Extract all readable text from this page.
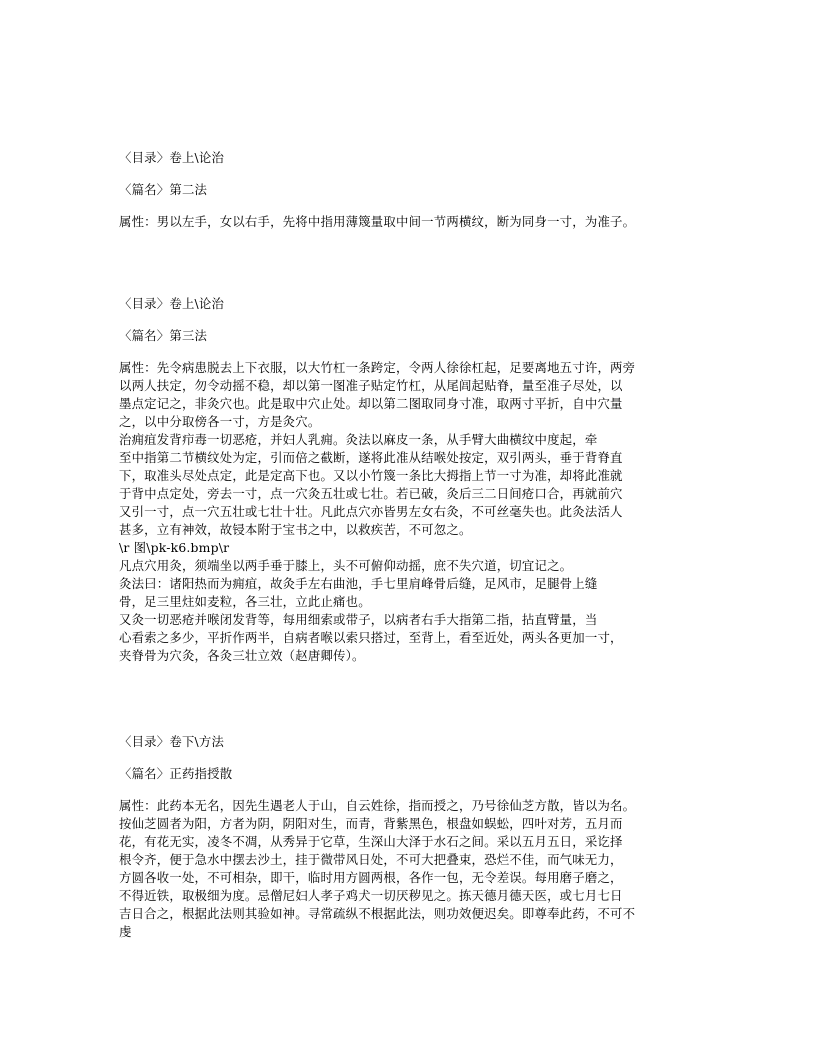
〈目录〉卷上\论治
〈篇名〉第二法
属性：男以左手，女以右手，先将中指用薄篾量取中间一节两横纹，断为同身一寸，为准子。
〈目录〉卷上\论治
〈篇名〉第三法
属性：先令病患脱去上下衣服，以大竹杠一条跨定，令两人徐徐杠起，足要离地五寸许，两旁
以两人扶定，勿令动摇不稳，却以第一图准子贴定竹杠，从尾闾起贴脊，量至准子尽处，以
墨点定记之，非灸穴也。此是取中穴止处。却以第二图取同身寸准，取两寸平折，自中穴量
之，以中分取傍各一寸，方是灸穴。
治痈疽发背疖毒一切恶疮，并妇人乳痈。灸法以麻皮一条，从手臂大曲横纹中度起，牵
至中指第二节横纹处为定，引而倍之截断，遂将此准从结喉处按定，双引两头，垂于背脊直
下，取准头尽处点定，此是定高下也。又以小竹篾一条比大拇指上节一寸为准，却将此准就
于背中点定处，旁去一寸，点一穴灸五壮或七壮。若已破，灸后三二日间疮口合，再就前穴
又引一寸，点一穴五壮或七壮十壮。凡此点穴亦皆男左女右灸，不可丝毫失也。此灸法活人
甚多，立有神效，故锓本附于宝书之中，以救疾苦，不可忽之。
\r 图\pk-k6.bmp\r
凡点穴用灸，须端坐以两手垂于膝上，头不可俯仰动摇，庶不失穴道，切宜记之。
灸法曰：诸阳热而为痈疽，故灸手左右曲池，手七里肩峰骨后缝，足风市，足腿骨上缝
骨，足三里炷如麦粒，各三壮，立此止痛也。
又灸一切恶疮并喉闭发背等，每用细索或带子，以病者右手大指第二指，拈直臂量，当
心看索之多少，平折作两半，自病者喉以索只搭过，至背上，看至近处，两头各更加一寸，
夹脊骨为穴灸，各灸三壮立效（赵唐卿传）。
〈目录〉卷下\方法
〈篇名〉正药指授散
属性：此药本无名，因先生遇老人于山，自云姓徐，指而授之，乃号徐仙芝方散，皆以为名。
按仙芝圆者为阳，方者为阴，阴阳对生，而青，背紫黑色，根盘如蜈蚣，四叶对芳，五月而
花，有花无实，凌冬不凋，从秀异于它草，生深山大泽于水石之间。采以五月五日，采讫择
根令齐，便于急水中摆去沙土，挂于微带风日处，不可大把叠束，恐烂不佳，而气味无力，
方圆各收一处，不可相杂，即干，临时用方圆两根，各作一包，无令差误。每用磨子磨之，
不得近铁，取极细为度。忌僧尼妇人孝子鸡犬一切厌秽见之。拣天德月德天医，或七月七日
吉日合之，根据此法则其验如神。寻常疏纵不根据此法，则功效便迟矣。即尊奉此药，不可不
虔
